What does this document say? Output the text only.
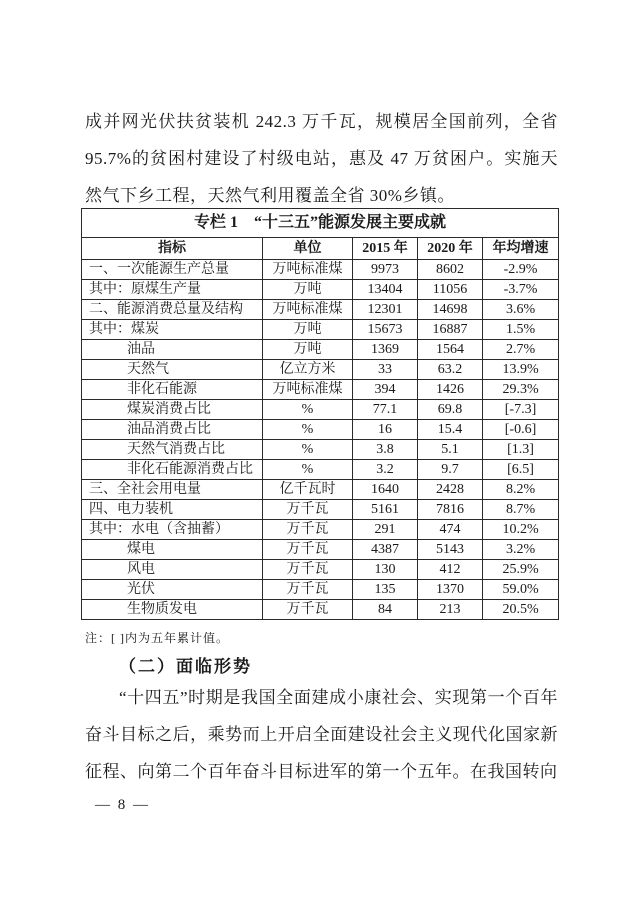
成并网光伏扶贫装机 242.3 万千瓦，规模居全国前列，全省 95.7%的贫困村建设了村级电站，惠及 47 万贫困户。实施天然气下乡工程，天然气利用覆盖全省 30%乡镇。

专栏 1　“十三五”能源发展主要成就				
指标	单位	2015 年	2020 年	年均增速
一、一次能源生产总量	万吨标准煤	9973	8602	-2.9%
其中：原煤生产量	万吨	13404	11056	-3.7%
二、能源消费总量及结构	万吨标准煤	12301	14698	3.6%
其中：煤炭	万吨	15673	16887	1.5%
油品	万吨	1369	1564	2.7%
天然气	亿立方米	33	63.2	13.9%
非化石能源	万吨标准煤	394	1426	29.3%
煤炭消费占比	%	77.1	69.8	[-7.3]
油品消费占比	%	16	15.4	[-0.6]
天然气消费占比	%	3.8	5.1	[1.3]
非化石能源消费占比	%	3.2	9.7	[6.5]
三、全社会用电量	亿千瓦时	1640	2428	8.2%
四、电力装机	万千瓦	5161	7816	8.7%
其中：水电（含抽蓄）	万千瓦	291	474	10.2%
煤电	万千瓦	4387	5143	3.2%
风电	万千瓦	130	412	25.9%
光伏	万千瓦	135	1370	59.0%
生物质发电	万千瓦	84	213	20.5%

注：[ ]内为五年累计值。

（二）面临形势

“十四五”时期是我国全面建成小康社会、实现第一个百年奋斗目标之后，乘势而上开启全面建设社会主义现代化国家新征程、向第二个百年奋斗目标进军的第一个五年。在我国转向

— 8 —
